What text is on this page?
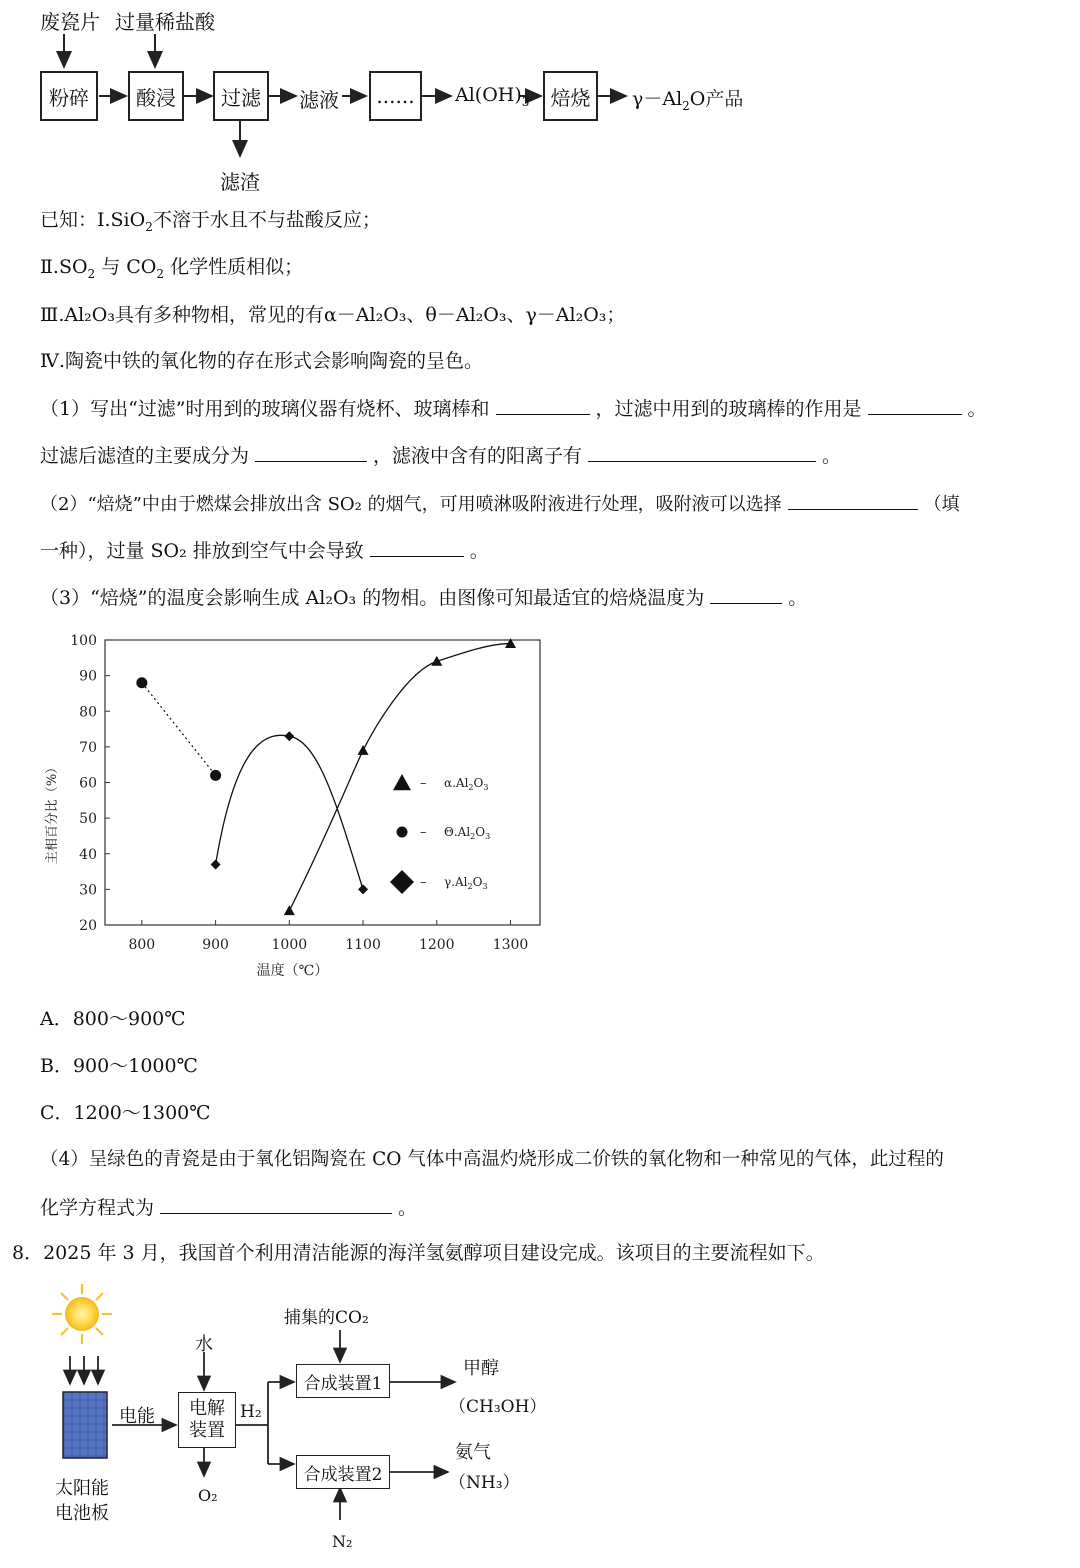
废瓷片 过量稀盐酸
粉碎 酸浸 过滤 滤液 ...... $Al(OH)_3$ 焙烧 $\gamma-Al_2O$产品
滤渣
已知：Ⅰ.SiO$_2$不溶于水且不与盐酸反应；
$Ⅱ.SO_2$ 与 $CO_2$ 化学性质相似；
Ⅲ.Al₂O₃具有多种物相，常见的有α－Al₂O₃、θ－Al₂O₃、γ－Al₂O₃；
Ⅳ.陶瓷中铁的氧化物的存在形式会影响陶瓷的呈色。
（1）写出“过滤”时用到的玻璃仪器有烧杯、玻璃棒和	，过滤中用到的玻璃棒的作用是	。
过滤后滤渣的主要成分为	，滤液中含有的阳离子有	。
（2）“焙烧”中由于燃煤会排放出含 SO₂ 的烟气，可用喷淋吸附液进行处理，吸附液可以选择	（填
一种），过量 SO₂ 排放到空气中会导致	。
（3）“焙烧”的温度会影响生成 Al₂O₃ 的物相。由图像可知最适宜的焙烧温度为	。
20
30
40
50
60
70
80
90
100
800	900	1000	1100	1200	1300
– $\alpha.Al_2O_3$
– $\Theta.Al_2O_3$
– $\gamma.Al_2O_3$
主相百分比（%）
温度（℃）
A．800～900℃
B．900～1000℃
C．1200～1300℃
（4）呈绿色的青瓷是由于氧化铝陶瓷在 CO 气体中高温灼烧形成二价铁的氧化物和一种常见的气体，此过程的
化学方程式为	。
8．2025 年 3 月，我国首个利用清洁能源的海洋氢氨醇项目建设完成。该项目的主要流程如下。
太阳能
电池板
电能
水
电解
装置
H₂
O₂
捕集的CO₂
合成装置1
合成装置2
甲醇
（CH₃OH）
氨气
（NH₃）
N₂
